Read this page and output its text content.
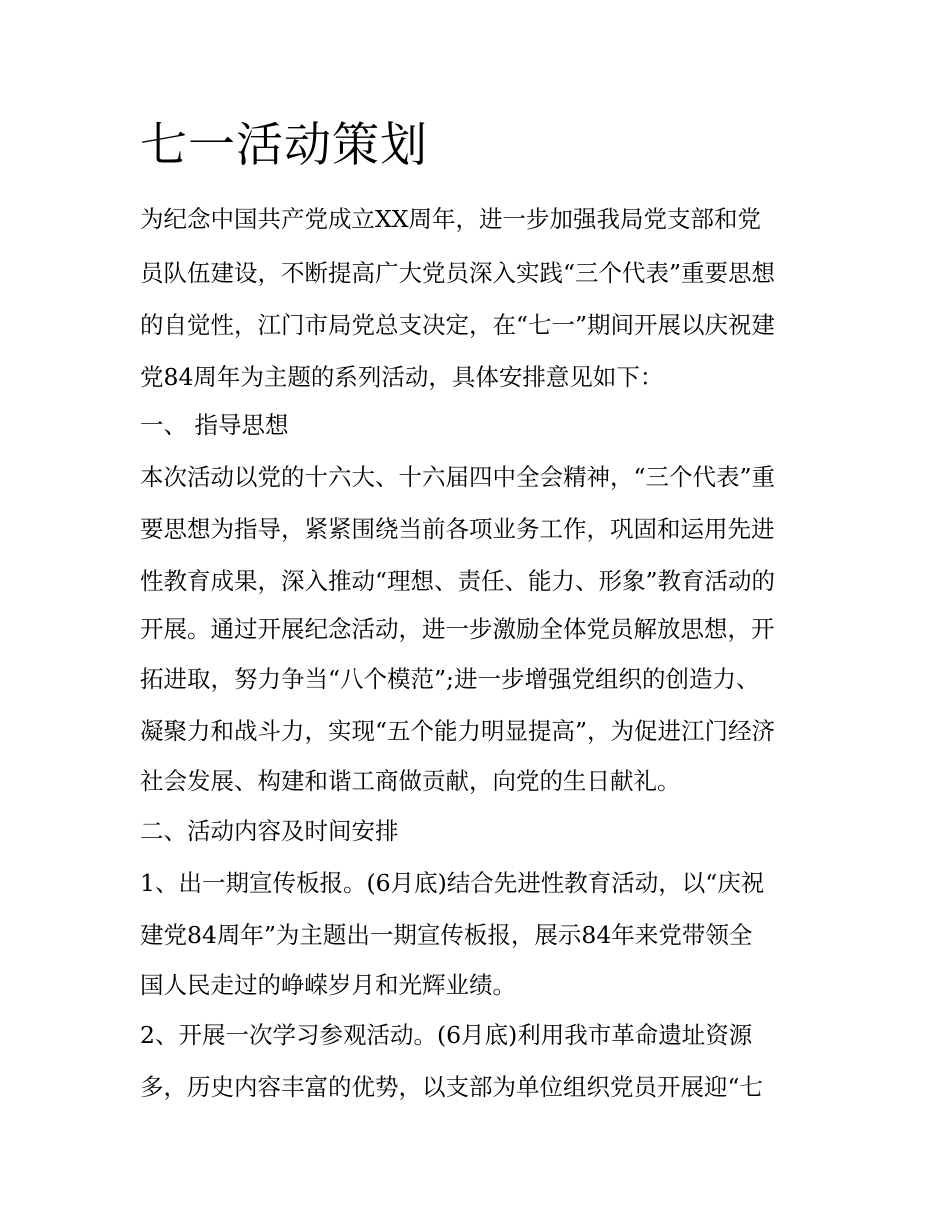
七一活动策划

为纪念中国共产党成立XX周年，进一步加强我局党支部和党

员队伍建设，不断提高广大党员深入实践“三个代表”重要思想

的自觉性，江门市局党总支决定，在“七一”期间开展以庆祝建

党84周年为主题的系列活动，具体安排意见如下：

一、 指导思想

本次活动以党的十六大、十六届四中全会精神，“三个代表”重

要思想为指导，紧紧围绕当前各项业务工作，巩固和运用先进

性教育成果，深入推动“理想、责任、能力、形象”教育活动的

开展。通过开展纪念活动，进一步激励全体党员解放思想，开

拓进取，努力争当“八个模范”;进一步增强党组织的创造力、

凝聚力和战斗力，实现“五个能力明显提高”，为促进江门经济

社会发展、构建和谐工商做贡献，向党的生日献礼。

二、活动内容及时间安排

1、出一期宣传板报。(6月底)结合先进性教育活动，以“庆祝

建党84周年”为主题出一期宣传板报，展示84年来党带领全

国人民走过的峥嵘岁月和光辉业绩。

2、开展一次学习参观活动。(6月底)利用我市革命遗址资源

多，历史内容丰富的优势，以支部为单位组织党员开展迎“七
